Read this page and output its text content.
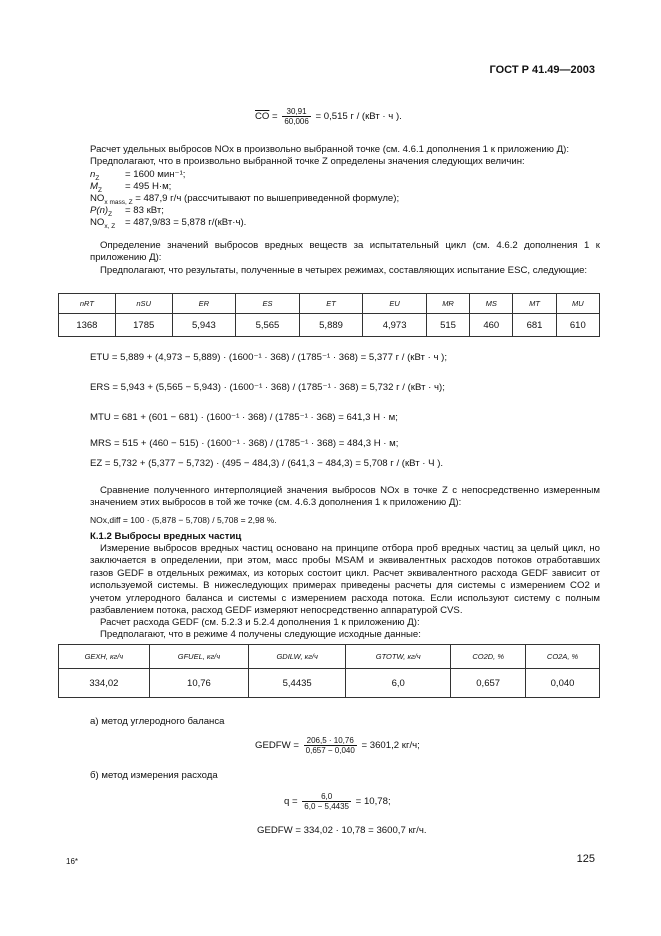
ГОСТ Р 41.49—2003
$\overline{CO} = \frac{30,91}{60,006} = 0,515$ г / (кВт · ч ).
Расчет удельных выбросов NOx в произвольно выбранной точке (см. 4.6.1 дополнения 1 к приложению Д):
Предполагают, что в произвольно выбранной точке Z определены значения следующих величин:
$n_Z$	= 1600 мин⁻¹;
$M_Z = 495$ Н·м;
$NO_{x mass, Z} = 487,9$ г/ч (рассчитывают по вышеприведенной формуле);
$P(n)_Z = 83$ кВт;
$NO_{x, Z} = 487,9/83 = 5,878$ г/(кВт·ч).
Определение значений выбросов вредных веществ за испытательный цикл (см. 4.6.2 дополнения 1 к приложению Д):
Предполагают, что результаты, полученные в четырех режимах, составляющих испытание ESC, следующие:
nRT	nSU	ER	ES	ET	EU	MR	MS	MT	MU
1368	1785	5,943	5,565	5,889	4,973	515	460	681	610
ETU = 5,889 + (4,973 − 5,889) · (1600⁻¹ · 368) / (1785⁻¹ · 368) = 5,377 г / (кВт · ч );
ERS = 5,943 + (5,565 − 5,943) · (1600⁻¹ · 368) / (1785⁻¹ · 368) = 5,732 г / (кВт · ч);
MTU = 681 + (601 − 681) · (1600⁻¹ · 368) / (1785⁻¹ · 368) = 641,3 Н · м;
MRS = 515 + (460 − 515) · (1600⁻¹ · 368) / (1785⁻¹ · 368) = 484,3 Н · м;
EZ = 5,732 + (5,377 − 5,732) · (495 − 484,3) / (641,3 − 484,3) = 5,708 г / (кВт · Ч ).
Сравнение полученного интерполяцией значения выбросов NOx в точке Z с непосредственно измеренным значением этих выбросов в той же точке (см. 4.6.3 дополнения 1 к приложению Д):
NOx,diff = 100 · (5,878 − 5,708) / 5,708 = 2,98 %.
К.1.2 Выбросы вредных частиц
Измерение выбросов вредных частиц основано на принципе отбора проб вредных частиц за целый цикл, но заключается в определении, при этом, масс пробы MSAM и эквивалентных расходов потоков отработавших газов GEDF в отдельных режимах, из которых состоит цикл. Расчет эквивалентного расхода GEDF зависит от используемой системы. В нижеследующих примерах приведены расчеты для системы с измерением CO2 и учетом углеродного баланса и системы с измерением расхода потока. Если используют систему с полным разбавлением потока, расход GEDF измеряют непосредственно аппаратурой CVS.
Расчет расхода GEDF (см. 5.2.3 и 5.2.4 дополнения 1 к приложению Д):
Предполагают, что в режиме 4 получены следующие исходные данные:
GEXH, кг/ч	GFUEL, кг/ч	GDILW, кг/ч	GTOTW, кг/ч	CO2D, %	CO2A, %
334,02	10,76	5,4435	6,0	0,657	0,040
а) метод углеродного баланса
GEDFW = $\frac{206,5 \cdot 10,76}{0,657 - 0,040} = 3601,2$ кг/ч;
б) метод измерения расхода
$q = \frac{6,0}{6,0 - 5,4435} = 10,78$;
GEDFW = 334,02 · 10,78 = 3600,7 кг/ч.
16*	125
